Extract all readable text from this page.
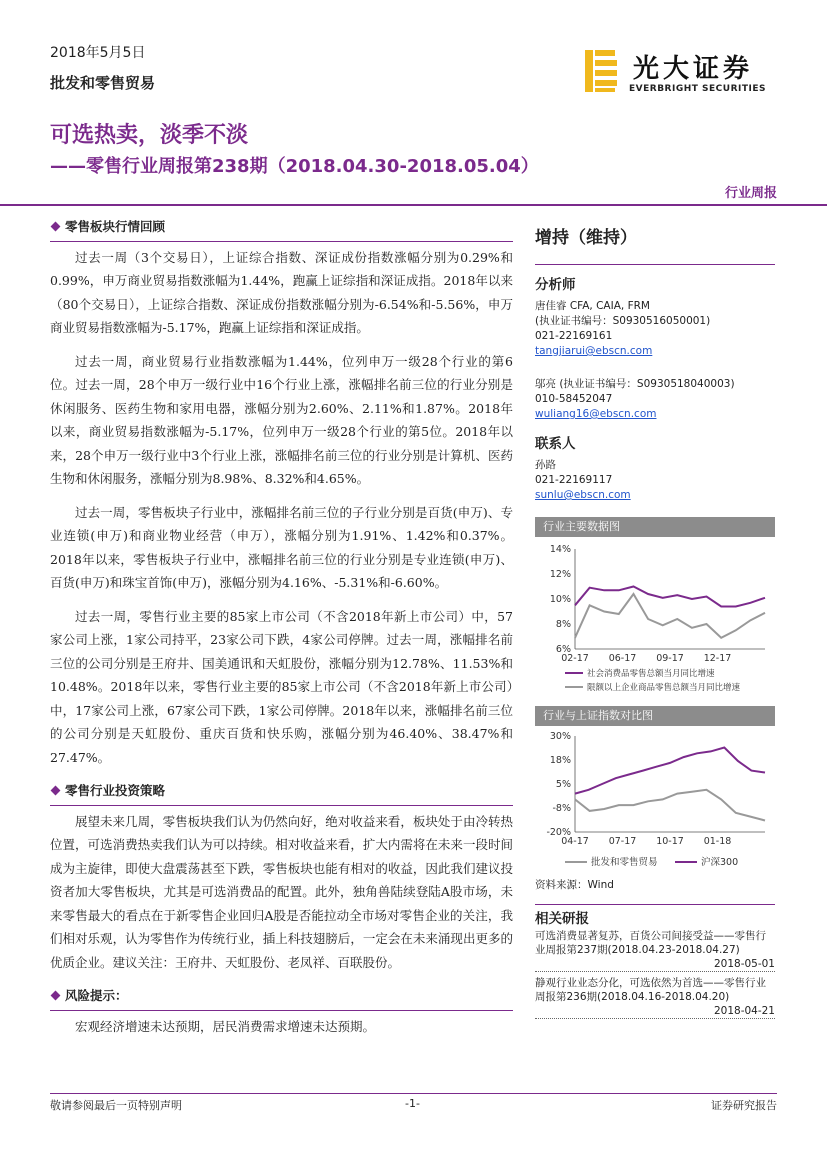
2018年5月5日
批发和零售贸易	光大证券
EVERBRIGHT SECURITIES
可选热卖，淡季不淡
——零售行业周报第238期（2018.04.30-2018.05.04）
行业周报
零售板块行情回顾

过去一周（3个交易日），上证综合指数、深证成份指数涨幅分别为0.29%和0.99%，申万商业贸易指数涨幅为1.44%，跑赢上证综指和深证成指。2018年以来（80个交易日），上证综合指数、深证成份指数涨幅分别为-6.54%和-5.56%，申万商业贸易指数涨幅为-5.17%，跑赢上证综指和深证成指。

过去一周，商业贸易行业指数涨幅为1.44%，位列申万一级28个行业的第6位。过去一周，28个申万一级行业中16个行业上涨，涨幅排名前三位的行业分别是休闲服务、医药生物和家用电器，涨幅分别为2.60%、2.11%和1.87%。2018年以来，商业贸易指数涨幅为-5.17%，位列申万一级28个行业的第5位。2018年以来，28个申万一级行业中3个行业上涨，涨幅排名前三位的行业分别是计算机、医药生物和休闲服务，涨幅分别为8.98%、8.32%和4.65%。

过去一周，零售板块子行业中，涨幅排名前三位的子行业分别是百货(申万)、专业连锁(申万)和商业物业经营（申万），涨幅分别为1.91%、1.42%和0.37%。2018年以来，零售板块子行业中，涨幅排名前三位的行业分别是专业连锁(申万)、百货(申万)和珠宝首饰(申万)，涨幅分别为4.16%、-5.31%和-6.60%。

过去一周，零售行业主要的85家上市公司（不含2018年新上市公司）中，57家公司上涨，1家公司持平，23家公司下跌，4家公司停牌。过去一周，涨幅排名前三位的公司分别是王府井、国美通讯和天虹股份，涨幅分别为12.78%、11.53%和10.48%。2018年以来，零售行业主要的85家上市公司（不含2018年新上市公司）中，17家公司上涨，67家公司下跌，1家公司停牌。2018年以来，涨幅排名前三位的公司分别是天虹股份、重庆百货和快乐购，涨幅分别为46.40%、38.47%和27.47%。

零售行业投资策略

展望未来几周，零售板块我们认为仍然向好，绝对收益来看，板块处于由冷转热位置，可选消费热卖我们认为可以持续。相对收益来看，扩大内需将在未来一段时间成为主旋律，即使大盘震荡甚至下跌，零售板块也能有相对的收益，因此我们建议投资者加大零售板块，尤其是可选消费品的配置。此外，独角兽陆续登陆A股市场，未来零售最大的看点在于新零售企业回归A股是否能拉动全市场对零售企业的关注，我们相对乐观，认为零售作为传统行业，插上科技翅膀后，一定会在未来涌现出更多的优质企业。建议关注：王府井、天虹股份、老凤祥、百联股份。

风险提示：

宏观经济增速未达预期，居民消费需求增速未达预期。

增持（维持）
分析师
唐佳睿 CFA, CAIA, FRM
(执业证书编号：S0930516050001)
021-22169161
tangjiarui@ebscn.com
邬亮 (执业证书编号：S0930518040003)
010-58452047
wuliang16@ebscn.com
联系人
孙路
021-22169117
sunlu@ebscn.com
行业主要数据图
14%
12%
10%
8%
6%
02-17 06-17 09-17 12-17
社会消费品零售总额当月同比增速
限额以上企业商品零售总额当月同比增速
行业与上证指数对比图
30%
18%
5%
-8%
-20%
04-17 07-17 10-17 01-18
批发和零售贸易	沪深300
资料来源：Wind
相关研报
可选消费显著复苏，百货公司间接受益——零售行业周报第237期(2018.04.23-2018.04.27)
2018-05-01
静观行业业态分化，可选依然为首选——零售行业周报第236期(2018.04.16-2018.04.20)
2018-04-21
敬请参阅最后一页特别声明	-1-	证券研究报告
